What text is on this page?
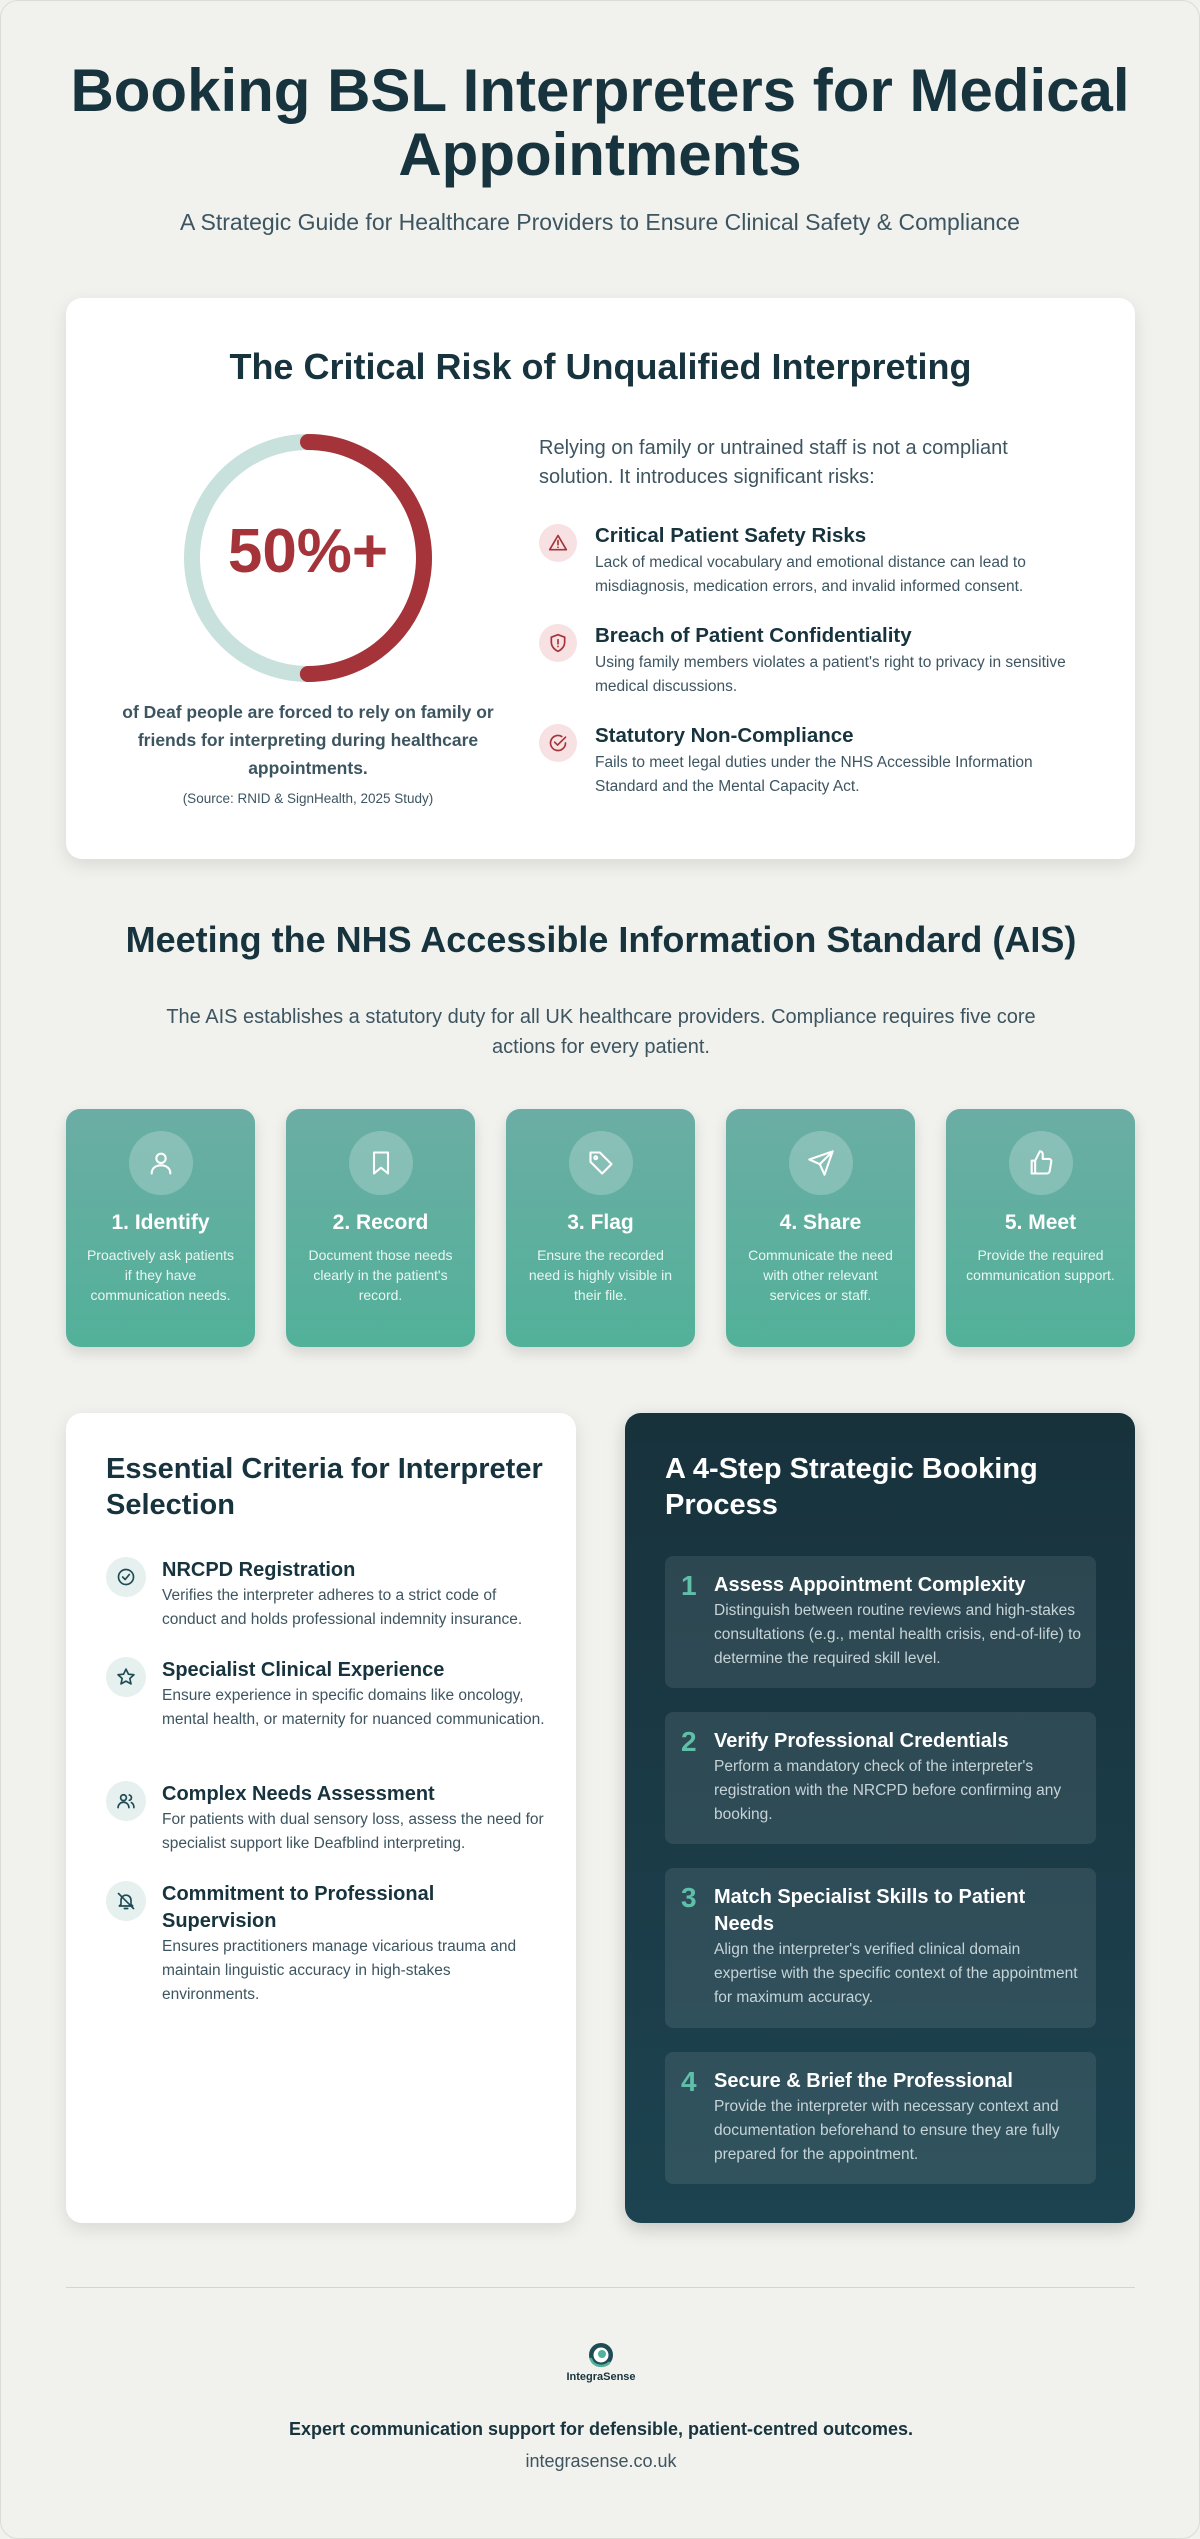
Booking BSL Interpreters for Medical Appointments

A Strategic Guide for Healthcare Providers to Ensure Clinical Safety & Compliance

The Critical Risk of Unqualified Interpreting
50%+

of Deaf people are forced to rely on family or friends for interpreting during healthcare appointments.

(Source: RNID & SignHealth, 2025 Study)

Relying on family or untrained staff is not a compliant solution. It introduces significant risks:

Critical Patient Safety Risks
Lack of medical vocabulary and emotional distance can lead to misdiagnosis, medication errors, and invalid informed consent.
Breach of Patient Confidentiality
Using family members violates a patient's right to privacy in sensitive medical discussions.
Statutory Non-Compliance
Fails to meet legal duties under the NHS Accessible Information Standard and the Mental Capacity Act.
Meeting the NHS Accessible Information Standard (AIS)

The AIS establishes a statutory duty for all UK healthcare providers. Compliance requires five core actions for every patient.

1. Identify
Proactively ask patients if they have communication needs.
2. Record
Document those needs clearly in the patient's record.
3. Flag
Ensure the recorded need is highly visible in their file.
4. Share
Communicate the need with other relevant services or staff.
5. Meet
Provide the required communication support.
Essential Criteria for Interpreter Selection
NRCPD Registration
Verifies the interpreter adheres to a strict code of conduct and holds professional indemnity insurance.
Specialist Clinical Experience
Ensure experience in specific domains like oncology, mental health, or maternity for nuanced communication.
Complex Needs Assessment
For patients with dual sensory loss, assess the need for specialist support like Deafblind interpreting.
Commitment to Professional Supervision
Ensures practitioners manage vicarious trauma and maintain linguistic accuracy in high-stakes environments.
A 4-Step Strategic Booking Process
1 Assess Appointment Complexity
Distinguish between routine reviews and high-stakes consultations (e.g., mental health crisis, end-of-life) to determine the required skill level.
2 Verify Professional Credentials
Perform a mandatory check of the interpreter's registration with the NRCPD before confirming any booking.
3 Match Specialist Skills to Patient Needs
Align the interpreter's verified clinical domain expertise with the specific context of the appointment for maximum accuracy.
4 Secure & Brief the Professional
Provide the interpreter with necessary context and documentation beforehand to ensure they are fully prepared for the appointment.
IntegraSense

Expert communication support for defensible, patient-centred outcomes.

integrasense.co.uk
